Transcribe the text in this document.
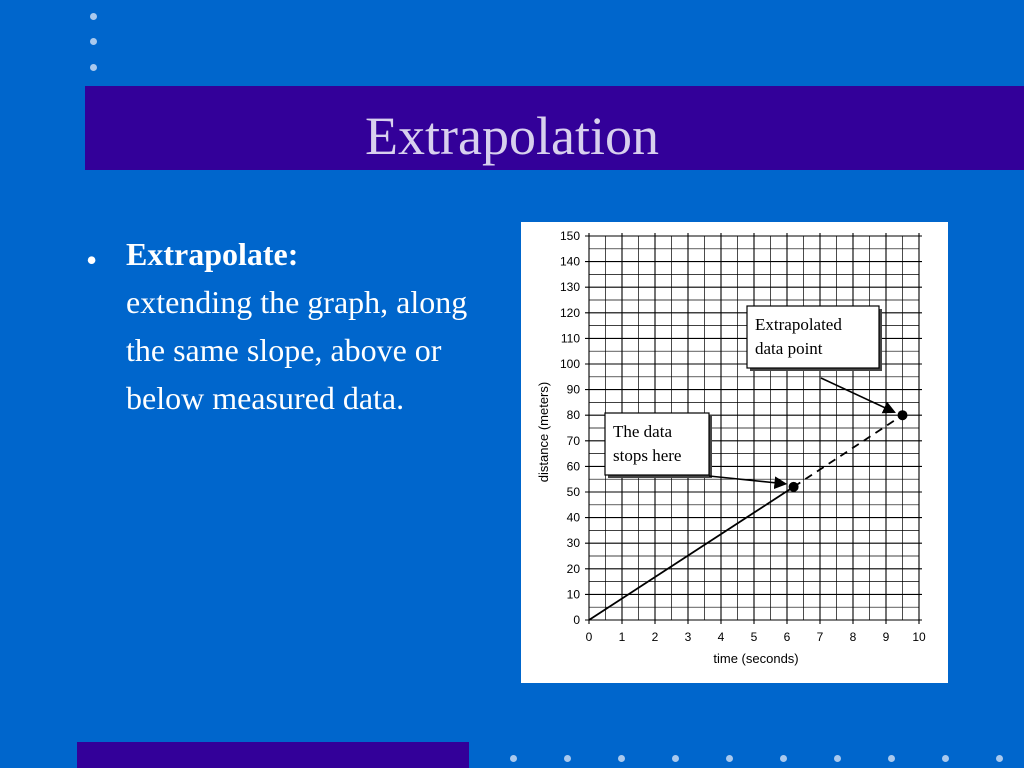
Extrapolation
• Extrapolate:
extending the graph, along the same slope, above or below measured data.
0 1 2 3 4 5 6 7 8 9 10
0
10
20
30
40
50
60
70
80
90
100
110
120
130
140
150
time (seconds)
distance (meters)
Extrapolated
data point
The data
stops here
